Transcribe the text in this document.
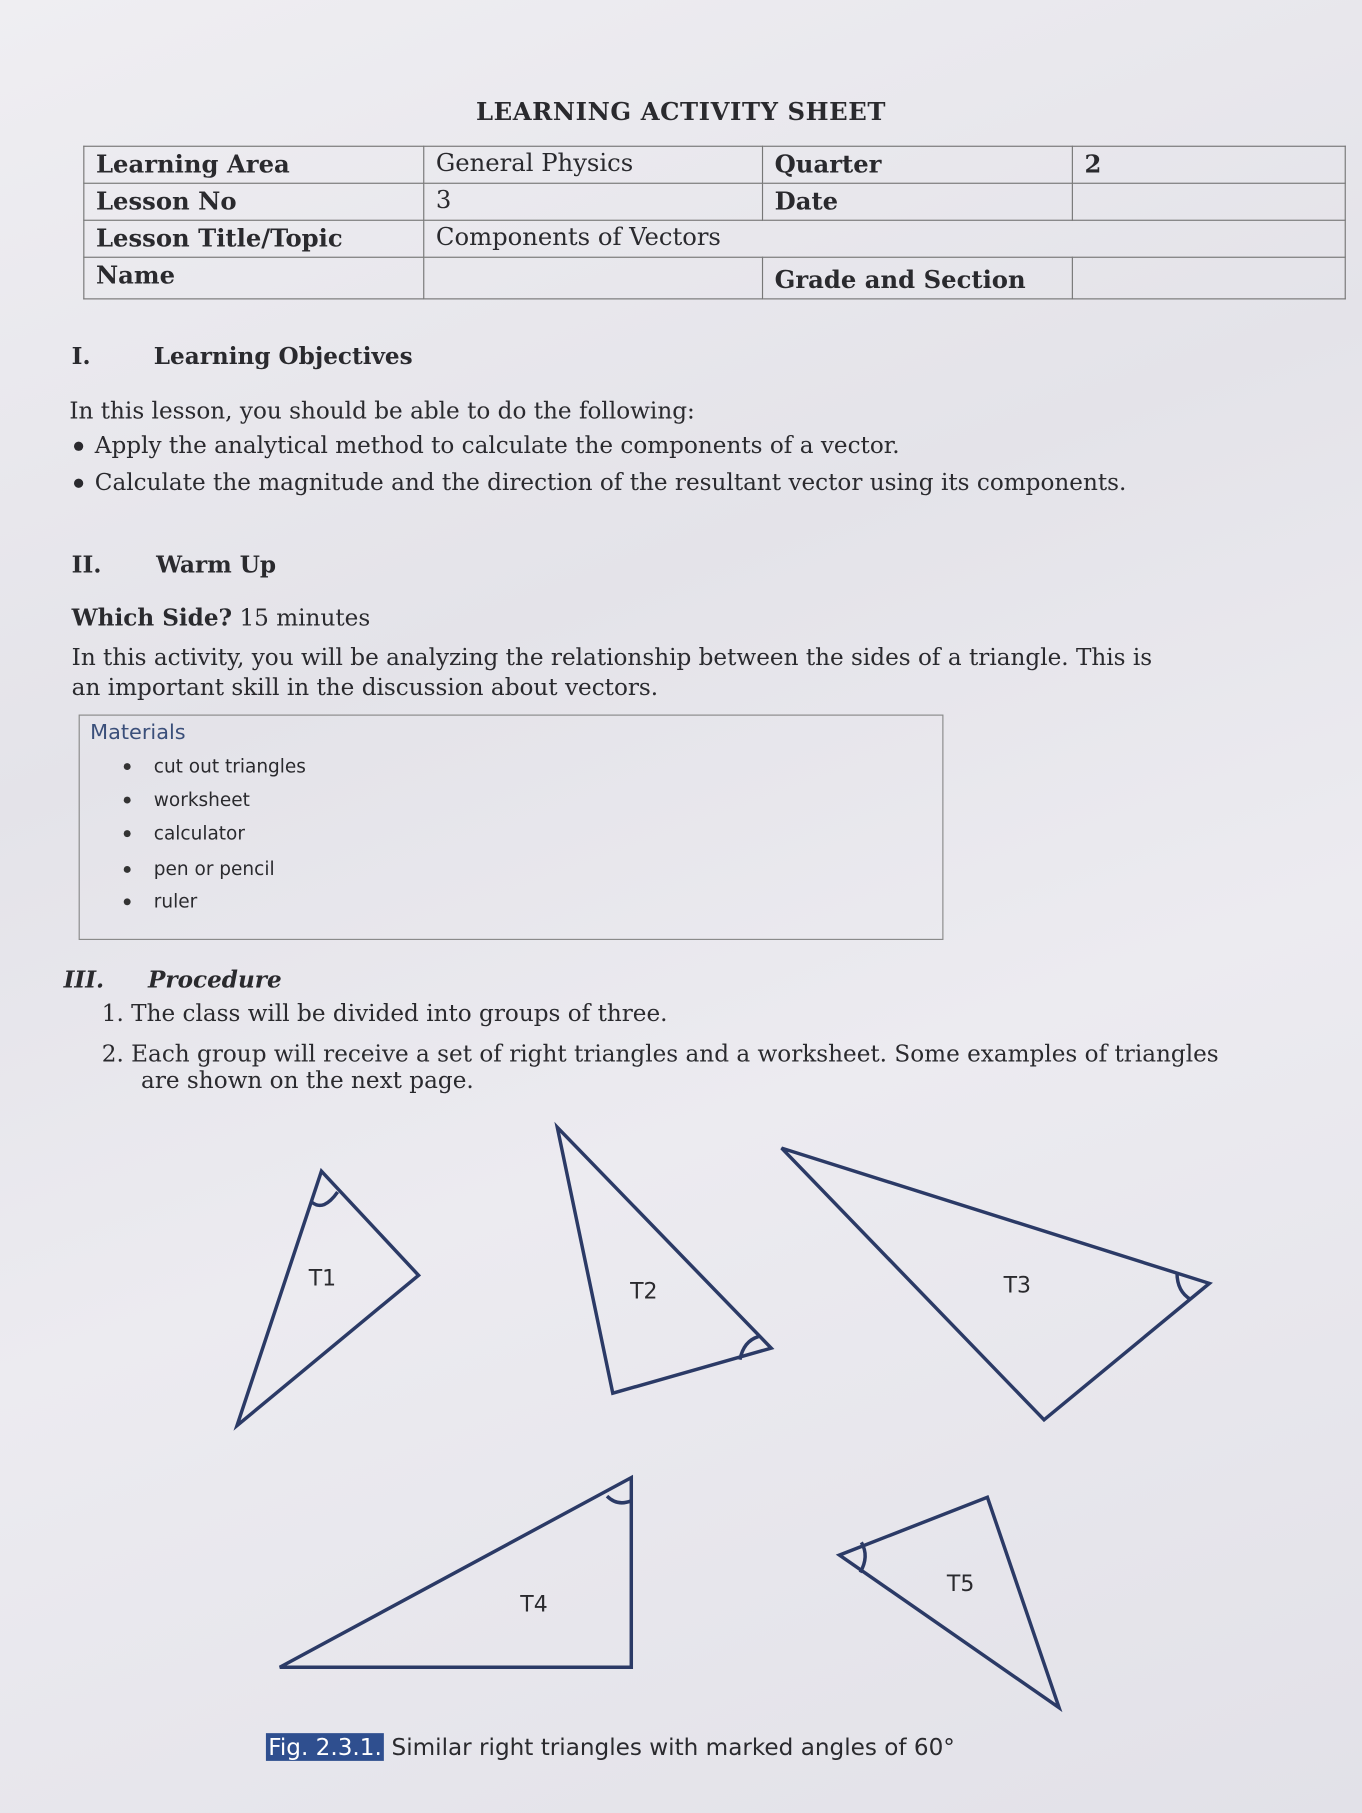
LEARNING ACTIVITY SHEET
Learning Area	General Physics	Quarter	2
Lesson No	3	Date	
Lesson Title/Topic	Components of Vectors		
Name		Grade and Section	
I.	Learning Objectives
In this lesson, you should be able to do the following:
Apply the analytical method to calculate the components of a vector.
Calculate the magnitude and the direction of the resultant vector using its components.
II.	Warm Up
Which Side? 15 minutes
In this activity, you will be analyzing the relationship between the sides of a triangle. This is
an important skill in the discussion about vectors.
Materials
cut out triangles
worksheet
calculator
pen or pencil
ruler
III. Procedure
1. The class will be divided into groups of three.
2. Each group will receive a set of right triangles and a worksheet. Some examples of triangles
are shown on the next page.
T1	T2	T3
T4
T5
Fig. 2.3.1. Similar right triangles with marked angles of 60°
